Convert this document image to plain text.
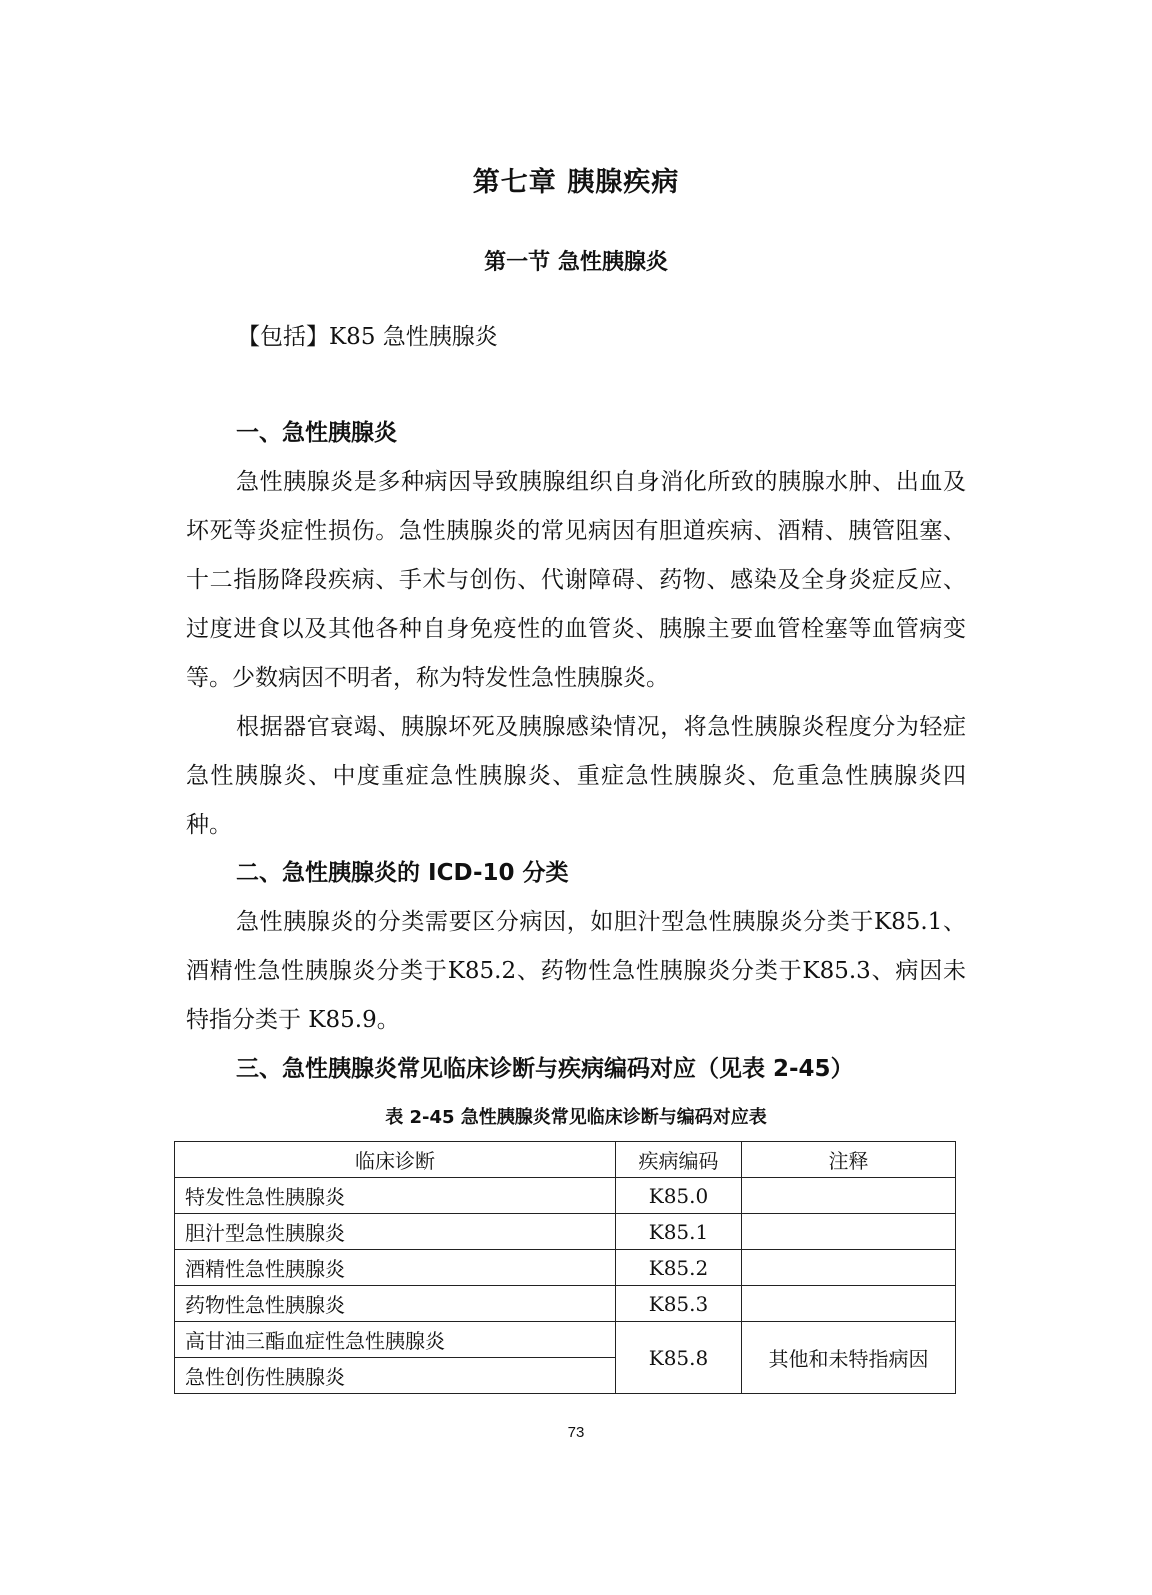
第七章 胰腺疾病
第一节 急性胰腺炎
【包括】K85 急性胰腺炎
一、急性胰腺炎

急性胰腺炎是多种病因导致胰腺组织自身消化所致的胰腺水肿、出血及坏死等炎症性损伤。急性胰腺炎的常见病因有胆道疾病、酒精、胰管阻塞、十二指肠降段疾病、手术与创伤、代谢障碍、药物、感染及全身炎症反应、过度进食以及其他各种自身免疫性的血管炎、胰腺主要血管栓塞等血管病变等。少数病因不明者，称为特发性急性胰腺炎。

根据器官衰竭、胰腺坏死及胰腺感染情况，将急性胰腺炎程度分为轻症急性胰腺炎、中度重症急性胰腺炎、重症急性胰腺炎、危重急性胰腺炎四种。

二、急性胰腺炎的 ICD-10 分类

急性胰腺炎的分类需要区分病因，如胆汁型急性胰腺炎分类于K85.1、酒精性急性胰腺炎分类于K85.2、药物性急性胰腺炎分类于K85.3、病因未特指分类于 K85.9。

三、急性胰腺炎常见临床诊断与疾病编码对应（见表 2-45）
表 2-45 急性胰腺炎常见临床诊断与编码对应表
临床诊断	疾病编码	注释
特发性急性胰腺炎	K85.0	
胆汁型急性胰腺炎	K85.1	
酒精性急性胰腺炎	K85.2	
药物性急性胰腺炎	K85.3	
高甘油三酯血症性急性胰腺炎	K85.8	其他和未特指病因
急性创伤性胰腺炎		
73
